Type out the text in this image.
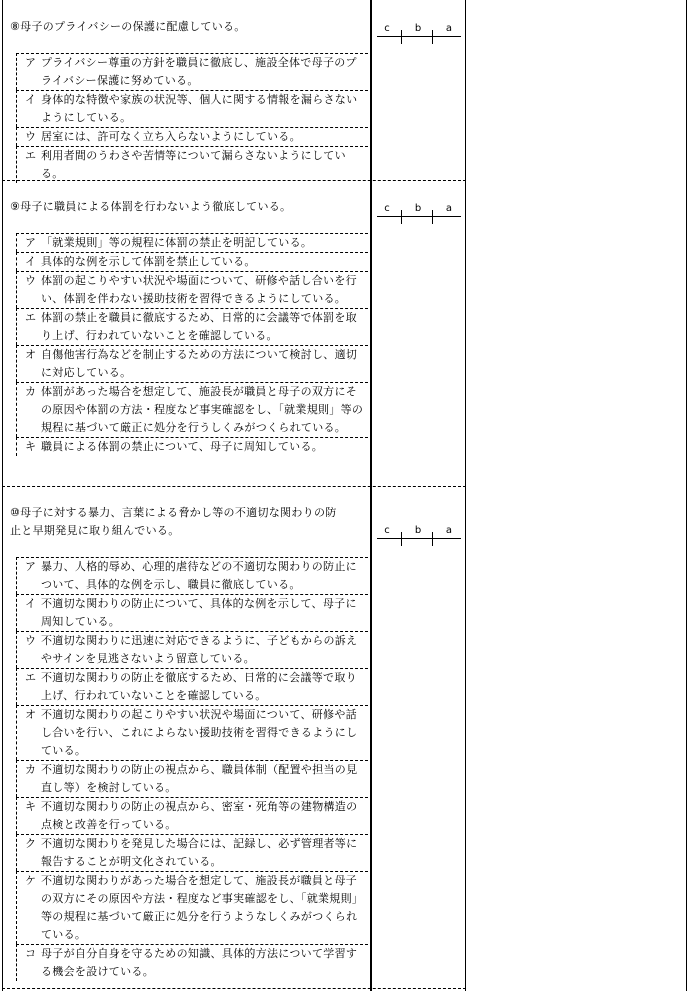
⑧母子のプライバシーの保護に配慮している。
ア プライバシー尊重の方針を職員に徹底し、施設全体で母子のプライバシー保護に努めている。
イ 身体的な特徴や家族の状況等、個人に関する情報を漏らさないようにしている。
ウ 居室には、許可なく立ち入らないようにしている。
エ 利用者間のうわさや苦情等について漏らさないようにしている。
c	b	a
⑨母子に職員による体罰を行わないよう徹底している。
ア 「就業規則」等の規程に体罰の禁止を明記している。
イ 具体的な例を示して体罰を禁止している。
ウ 体罰の起こりやすい状況や場面について、研修や話し合いを行い、体罰を伴わない援助技術を習得できるようにしている。
エ 体罰の禁止を職員に徹底するため、日常的に会議等で体罰を取り上げ、行われていないことを確認している。
オ 自傷他害行為などを制止するための方法について検討し、適切に対応している。
カ 体罰があった場合を想定して、施設長が職員と母子の双方にその原因や体罰の方法・程度など事実確認をし、「就業規則」等の規程に基づいて厳正に処分を行うしくみがつくられている。
キ 職員による体罰の禁止について、母子に周知している。
c	b	a
⑩母子に対する暴力、言葉による脅かし等の不適切な関わりの防
止と早期発見に取り組んでいる。
ア 暴力、人格的辱め、心理的虐待などの不適切な関わりの防止について、具体的な例を示し、職員に徹底している。
イ 不適切な関わりの防止について、具体的な例を示して、母子に周知している。
ウ 不適切な関わりに迅速に対応できるように、子どもからの訴えやサインを見逃さないよう留意している。
エ 不適切な関わりの防止を徹底するため、日常的に会議等で取り上げ、行われていないことを確認している。
オ 不適切な関わりの起こりやすい状況や場面について、研修や話し合いを行い、これによらない援助技術を習得できるようにしている。
カ 不適切な関わりの防止の視点から、職員体制（配置や担当の見直し等）を検討している。
キ 不適切な関わりの防止の視点から、密室・死角等の建物構造の点検と改善を行っている。
ク 不適切な関わりを発見した場合には、記録し、必ず管理者等に報告することが明文化されている。
ケ 不適切な関わりがあった場合を想定して、施設長が職員と母子の双方にその原因や方法・程度など事実確認をし、「就業規則」等の規程に基づいて厳正に処分を行うようなしくみがつくられている。
コ 母子が自分自身を守るための知識、具体的方法について学習する機会を設けている。
c	b	a
